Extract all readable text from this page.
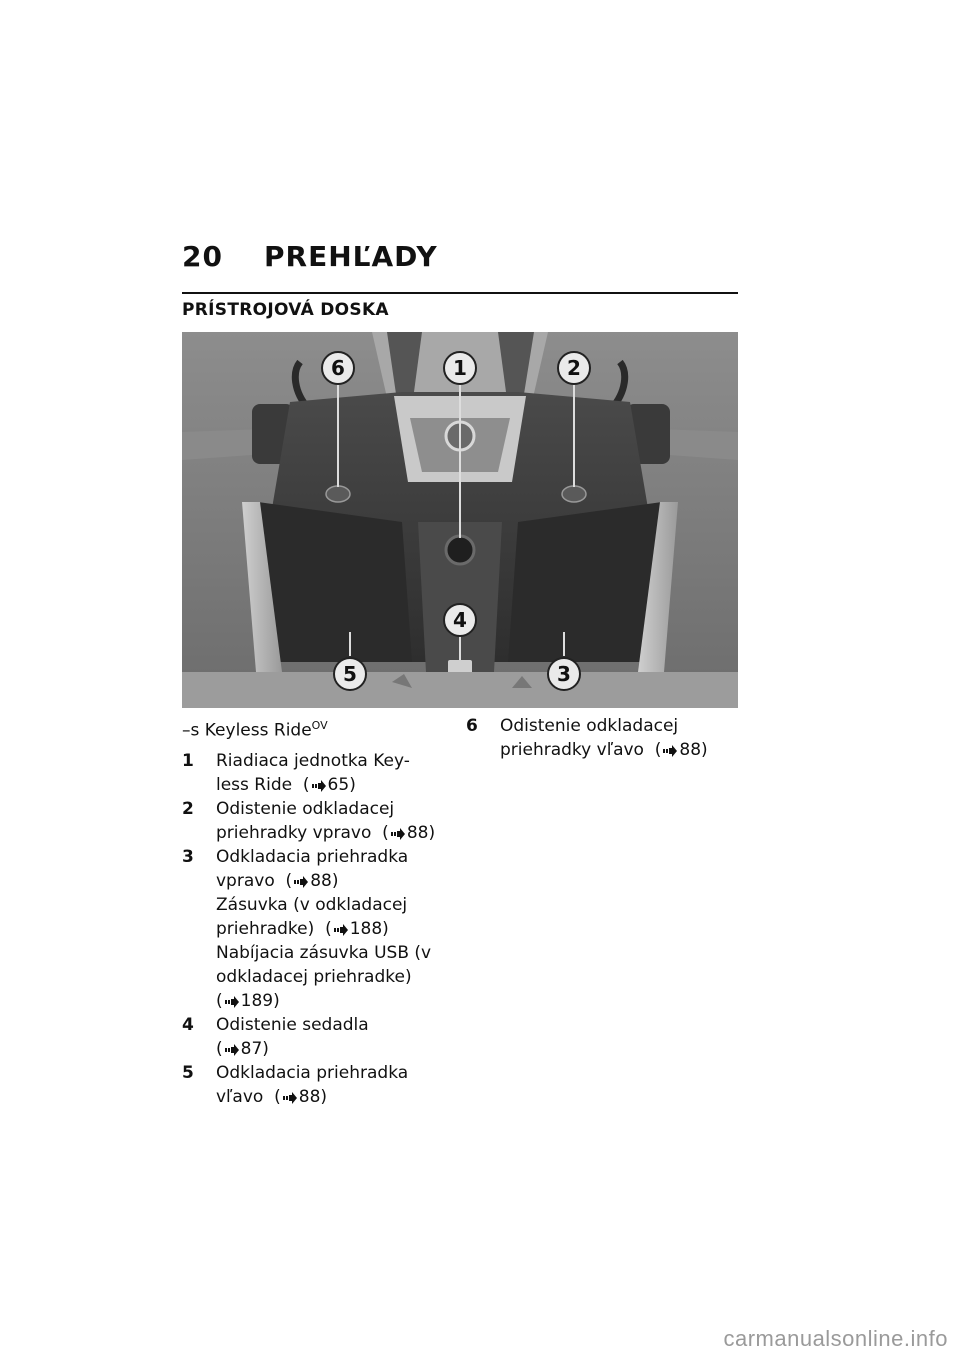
20 PREHĽADY
PRÍSTROJOVÁ DOSKA
1	2
3
4
5
6
–s Keyless Ride$^{OV}$
1 Riadiaca jednotka Key-
less Ride ( 65)
2 Odistenie odkladacej
priehradky vpravo ( 88)
3 Odkladacia priehradka
vpravo ( 88)
Zásuvka (v odkladacej
priehradke) ( 188)
Nabíjacia zásuvka USB (v
odkladacej priehradke)
( 189)
4 Odistenie sedadla
( 87)
5 Odkladacia priehradka
vľavo ( 88)
6 Odistenie odkladacej
priehradky vľavo ( 88)
carmanualsonline.info
